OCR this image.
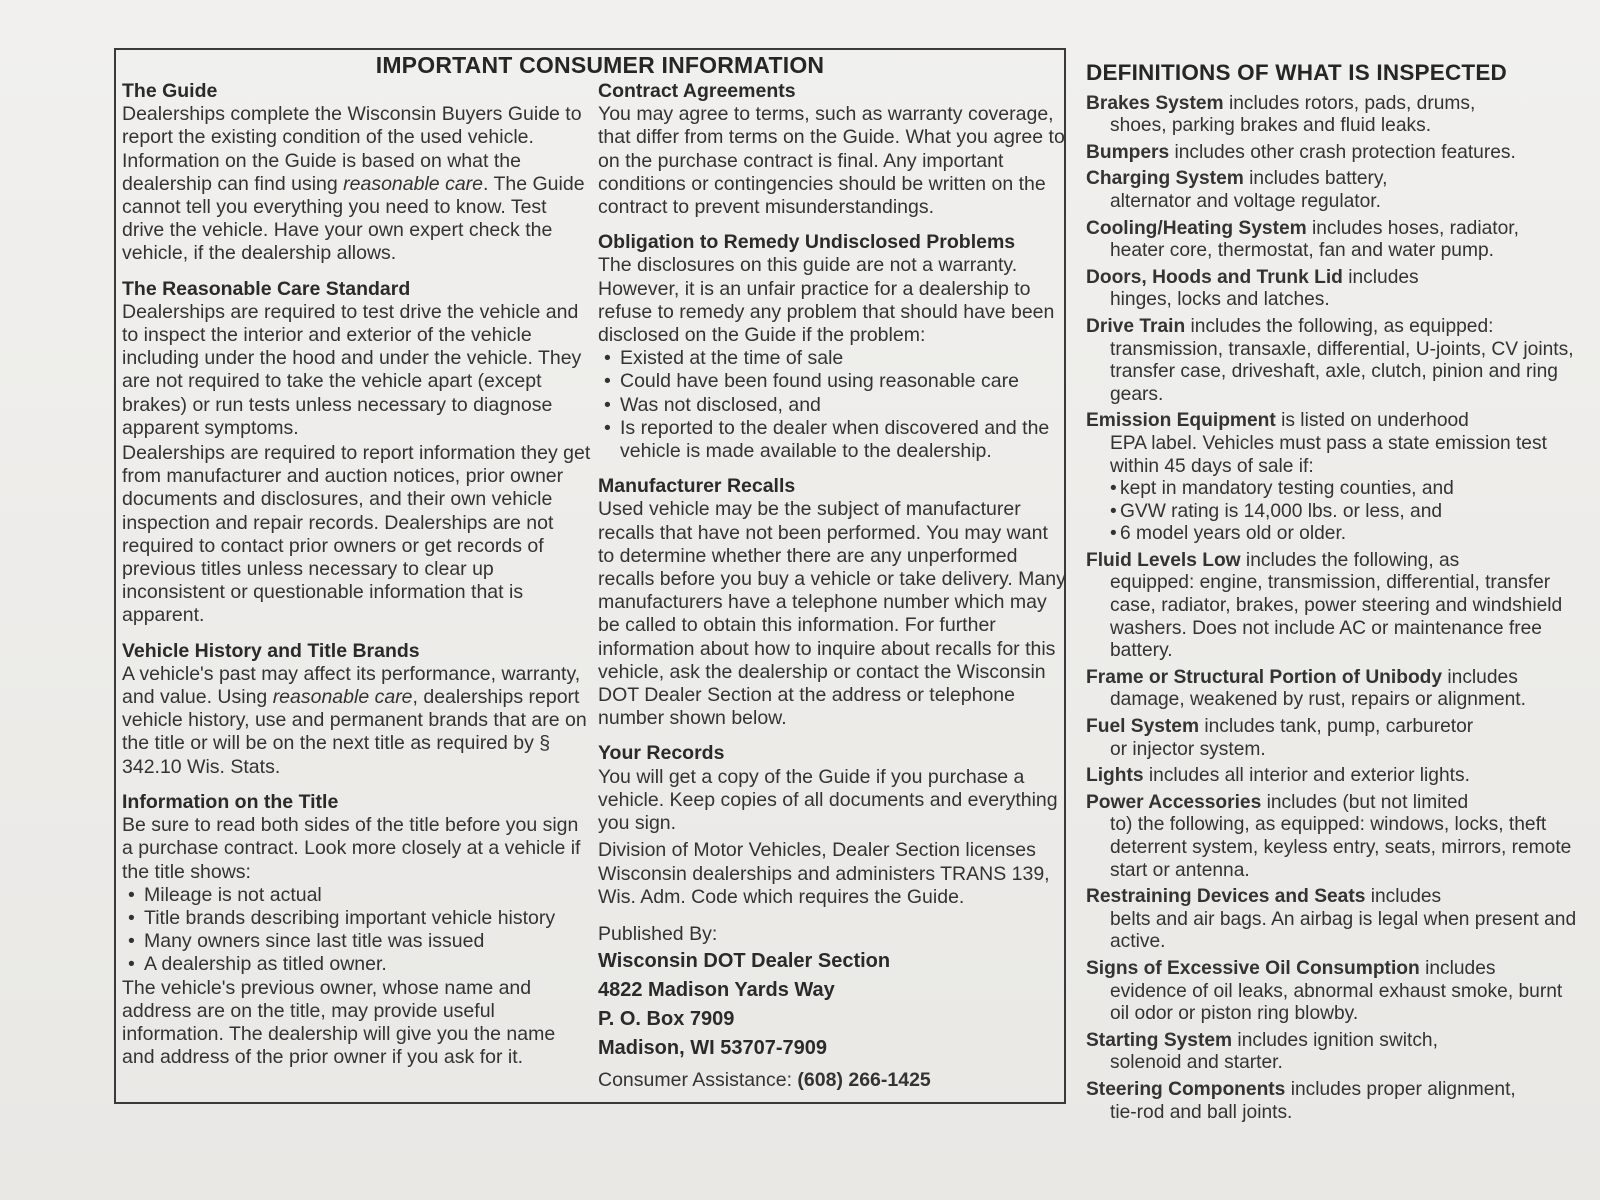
IMPORTANT CONSUMER INFORMATION
The Guide

Dealerships complete the Wisconsin Buyers Guide to report the existing condition of the used vehicle. Information on the Guide is based on what the dealership can find using reasonable care. The Guide cannot tell you everything you need to know. Test drive the vehicle. Have your own expert check the vehicle, if the dealership allows.

The Reasonable Care Standard

Dealerships are required to test drive the vehicle and to inspect the interior and exterior of the vehicle including under the hood and under the vehicle. They are not required to take the vehicle apart (except brakes) or run tests unless necessary to diagnose apparent symptoms.

Dealerships are required to report information they get from manufacturer and auction notices, prior owner documents and disclosures, and their own vehicle inspection and repair records. Dealerships are not required to contact prior owners or get records of previous titles unless necessary to clear up inconsistent or questionable information that is apparent.

Vehicle History and Title Brands

A vehicle's past may affect its performance, warranty, and value. Using reasonable care, dealerships report vehicle history, use and permanent brands that are on the title or will be on the next title as required by § 342.10 Wis. Stats.

Information on the Title

Be sure to read both sides of the title before you sign a purchase contract. Look more closely at a vehicle if the title shows:

• Mileage is not actual
• Title brands describing important vehicle history
• Many owners since last title was issued
• A dealership as titled owner.

The vehicle's previous owner, whose name and address are on the title, may provide useful information. The dealership will give you the name and address of the prior owner if you ask for it.

Contract Agreements

You may agree to terms, such as warranty coverage, that differ from terms on the Guide. What you agree to on the purchase contract is final. Any important conditions or contingencies should be written on the contract to prevent misunderstandings.

Obligation to Remedy Undisclosed Problems

The disclosures on this guide are not a warranty. However, it is an unfair practice for a dealership to refuse to remedy any problem that should have been disclosed on the Guide if the problem:

• Existed at the time of sale
• Could have been found using reasonable care
• Was not disclosed, and
• Is reported to the dealer when discovered and the vehicle is made available to the dealership.
Manufacturer Recalls

Used vehicle may be the subject of manufacturer recalls that have not been performed. You may want to determine whether there are any unperformed recalls before you buy a vehicle or take delivery. Many manufacturers have a telephone number which may be called to obtain this information. For further information about how to inquire about recalls for this vehicle, ask the dealership or contact the Wisconsin DOT Dealer Section at the address or telephone number shown below.

Your Records

You will get a copy of the Guide if you purchase a vehicle. Keep copies of all documents and everything you sign.

Division of Motor Vehicles, Dealer Section licenses Wisconsin dealerships and administers TRANS 139, Wis. Adm. Code which requires the Guide.

Published By:
Wisconsin DOT Dealer Section
4822 Madison Yards Way
P. O. Box 7909
Madison, WI 53707-7909
Consumer Assistance: (608) 266-1425
DEFINITIONS OF WHAT IS INSPECTED
Brakes System includes rotors, pads, drums,
shoes, parking brakes and fluid leaks.
Bumpers includes other crash protection features.
Charging System includes battery,
alternator and voltage regulator.
Cooling/Heating System includes hoses, radiator,
heater core, thermostat, fan and water pump.
Doors, Hoods and Trunk Lid includes
hinges, locks and latches.
Drive Train includes the following, as equipped:
transmission, transaxle, differential, U-joints, CV joints, transfer case, driveshaft, axle, clutch, pinion and ring gears.
Emission Equipment is listed on underhood
EPA label. Vehicles must pass a state emission test within 45 days of sale if:
• kept in mandatory testing counties, and
• GVW rating is 14,000 lbs. or less, and
• 6 model years old or older.
Fluid Levels Low includes the following, as
equipped: engine, transmission, differential, transfer case, radiator, brakes, power steering and windshield washers. Does not include AC or maintenance free battery.
Frame or Structural Portion of Unibody includes
damage, weakened by rust, repairs or alignment.
Fuel System includes tank, pump, carburetor
or injector system.
Lights includes all interior and exterior lights.
Power Accessories includes (but not limited
to) the following, as equipped: windows, locks, theft deterrent system, keyless entry, seats, mirrors, remote start or antenna.
Restraining Devices and Seats includes
belts and air bags. An airbag is legal when present and active.
Signs of Excessive Oil Consumption includes
evidence of oil leaks, abnormal exhaust smoke, burnt oil odor or piston ring blowby.
Starting System includes ignition switch,
solenoid and starter.
Steering Components includes proper alignment,
tie-rod and ball joints.
